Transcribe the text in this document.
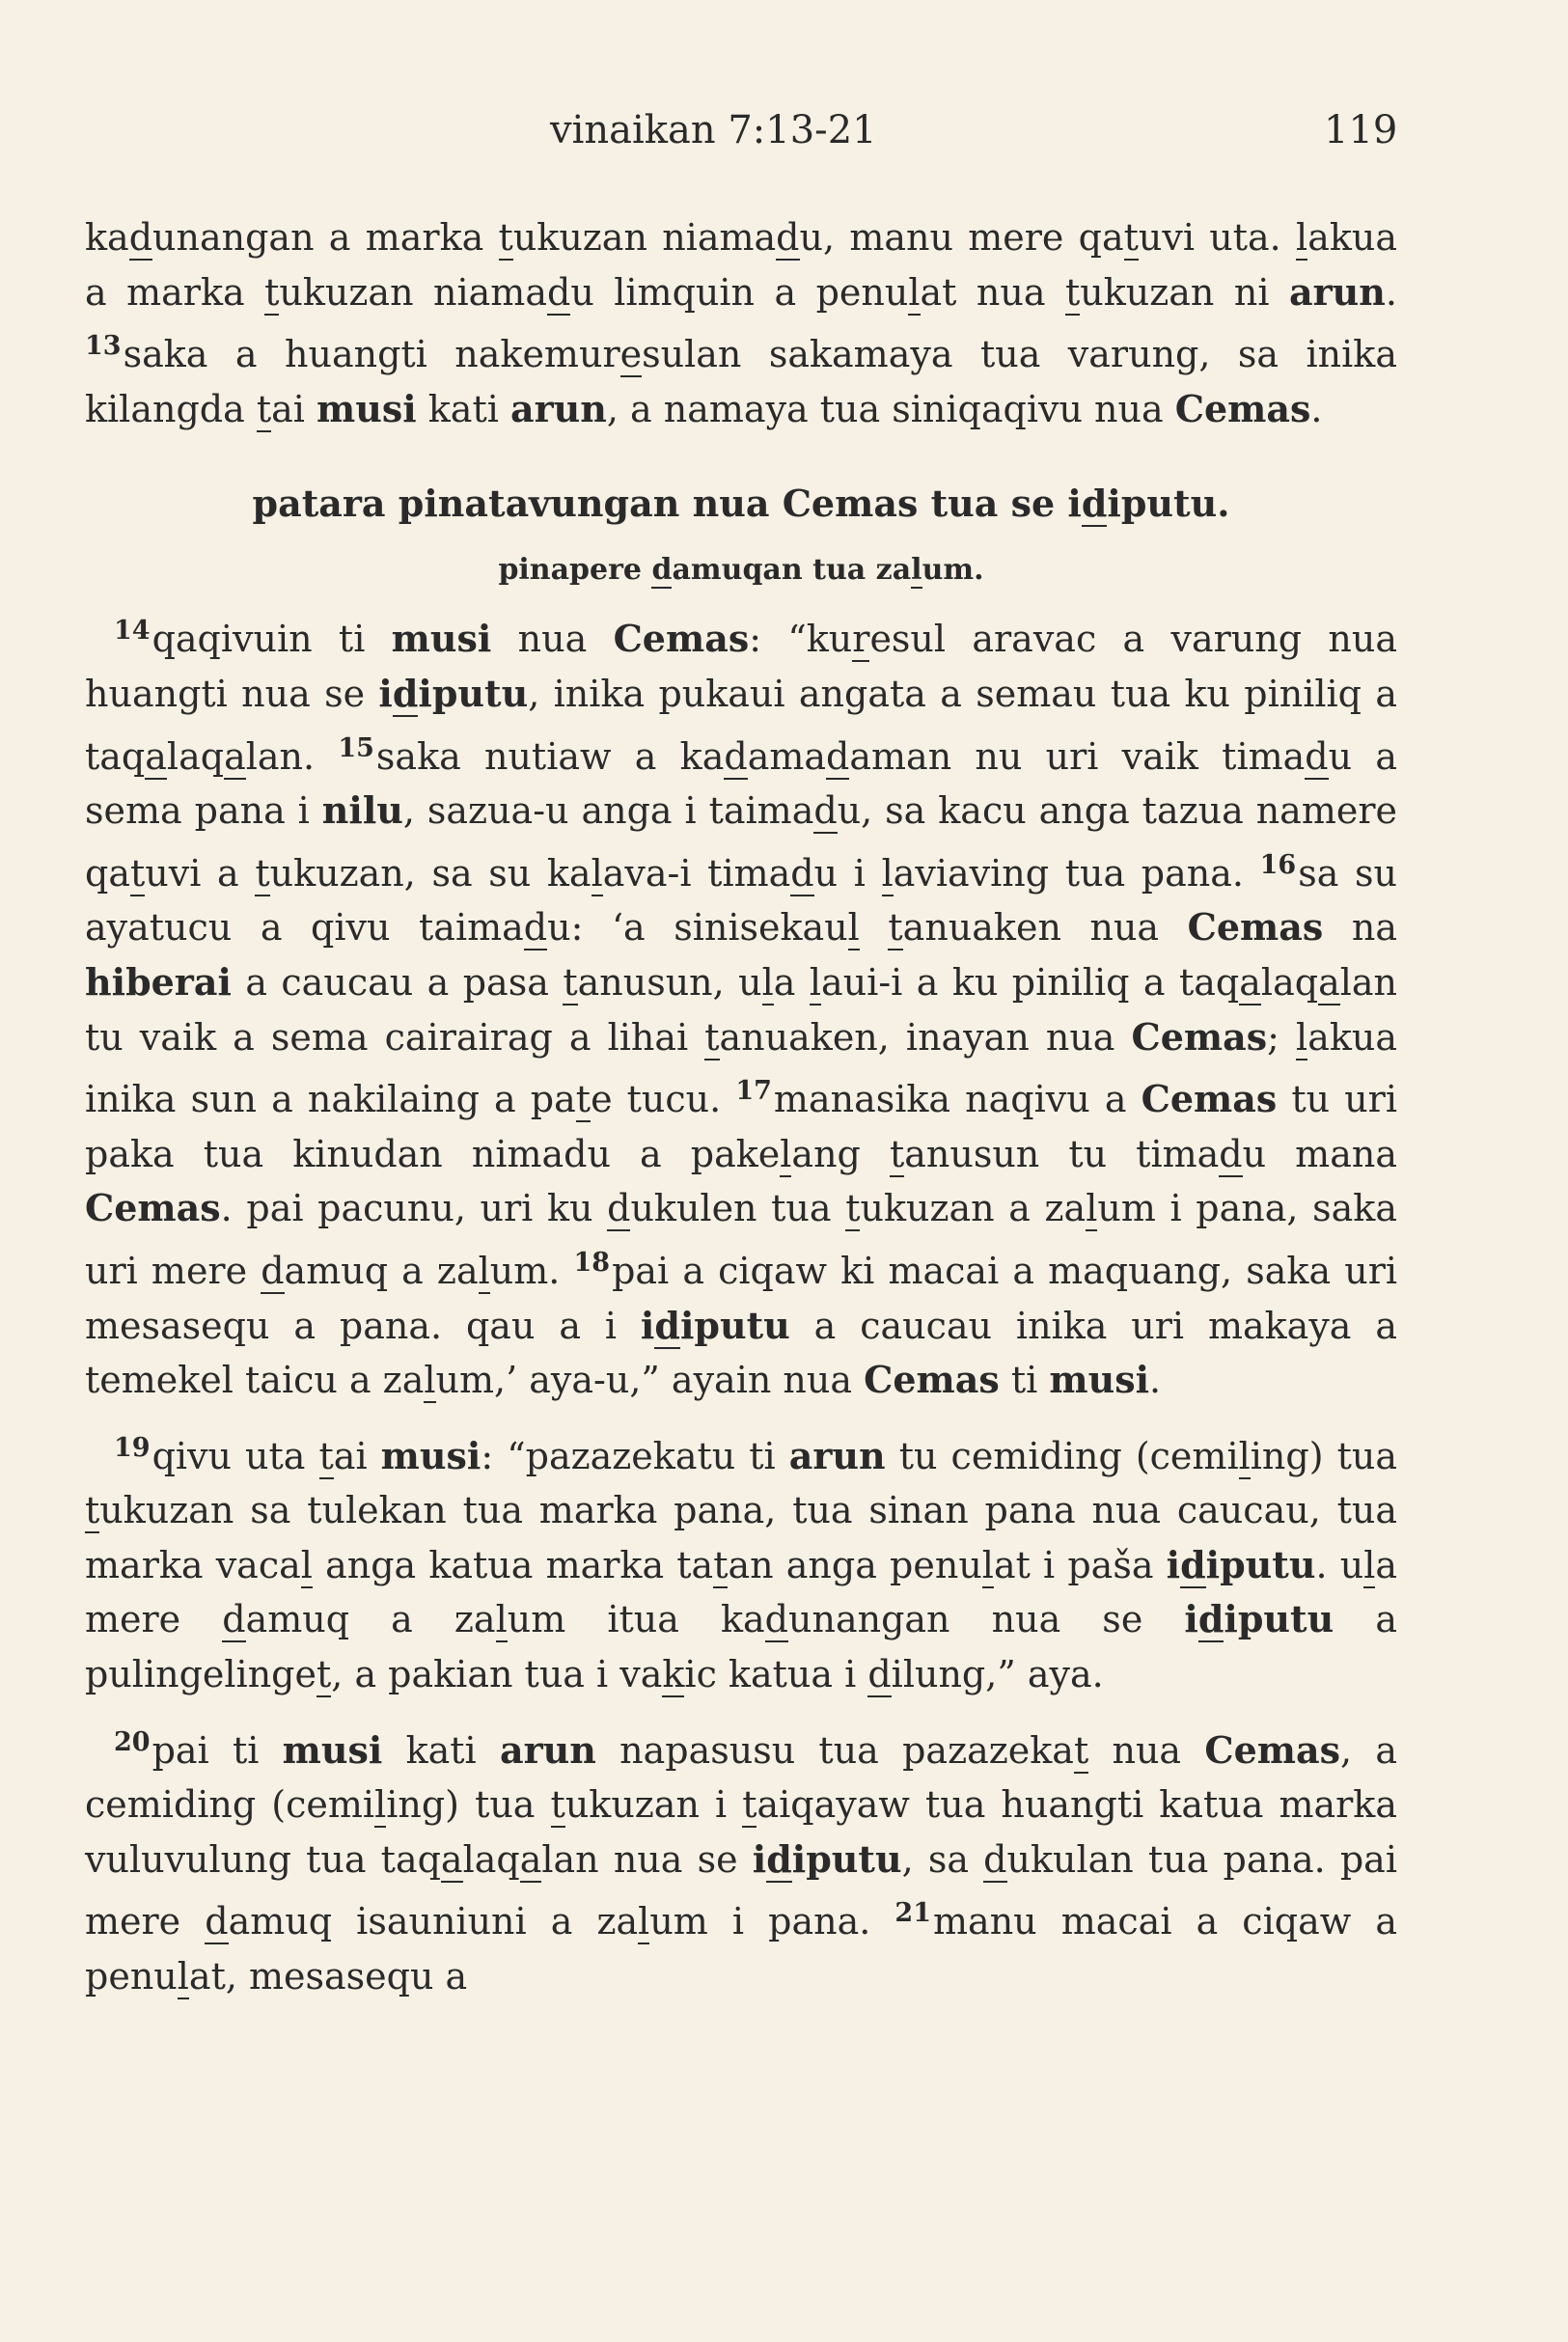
vinaikan 7:13-21	119

kadunangan a marka tukuzan niamadu, manu mere qatuvi uta. lakua a marka tukuzan niamadu limquin a penulat nua tukuzan ni arun. $^{13}$saka a huangti nakemuresulan sakamaya tua varung, sa inika kilangda tai musi kati arun, a namaya tua siniqaqivu nua Cemas.

patara pinatavungan nua Cemas tua se idiputu.
pinapere damuqan tua zalum.

$^{14}$qaqivuin ti musi nua Cemas: “kuresul aravac a varung nua huangti nua se idiputu, inika pukaui angata a semau tua ku piniliq a taqalaqalan. $^{15}$saka nutiaw a kadamadaman nu uri vaik timadu a sema pana i nilu, sazua-u anga i taimadu, sa kacu anga tazua namere qatuvi a tukuzan, sa su kalava-i timadu i laviaving tua pana. $^{16}$sa su ayatucu a qivu taimadu: ‘a sinisekaul tanuaken nua Cemas na hiberai a caucau a pasa tanusun, ula laui-i a ku piniliq a taqalaqalan tu vaik a sema cairairag a lihai tanuaken, inayan nua Cemas; lakua inika sun a nakilaing a pate tucu. $^{17}$manasika naqivu a Cemas tu uri paka tua kinudan nimadu a pakelang tanusun tu timadu mana Cemas. pai pacunu, uri ku dukulen tua tukuzan a zalum i pana, saka uri mere damuq a zalum. $^{18}$pai a ciqaw ki macai a maquang, saka uri mesasequ a pana. qau a i idiputu a caucau inika uri makaya a temekel taicu a zalum,’ aya-u,” ayain nua Cemas ti musi.

$^{19}$qivu uta tai musi: “pazazekatu ti arun tu cemiding (cemiling) tua tukuzan sa tulekan tua marka pana, tua sinan pana nua caucau, tua marka vacal anga katua marka tatan anga penulat i paša idiputu. ula mere damuq a zalum itua kadunangan nua se idiputu a pulingelinget, a pakian tua i vakic katua i dilung,” aya.

$^{20}$pai ti musi kati arun napasusu tua pazazekat nua Cemas, a cemiding (cemiling) tua tukuzan i taiqayaw tua huangti katua marka vuluvulung tua taqalaqalan nua se idiputu, sa dukulan tua pana. pai mere damuq isauniuni a zalum i pana. $^{21}$manu macai a ciqaw a penulat, mesasequ a
